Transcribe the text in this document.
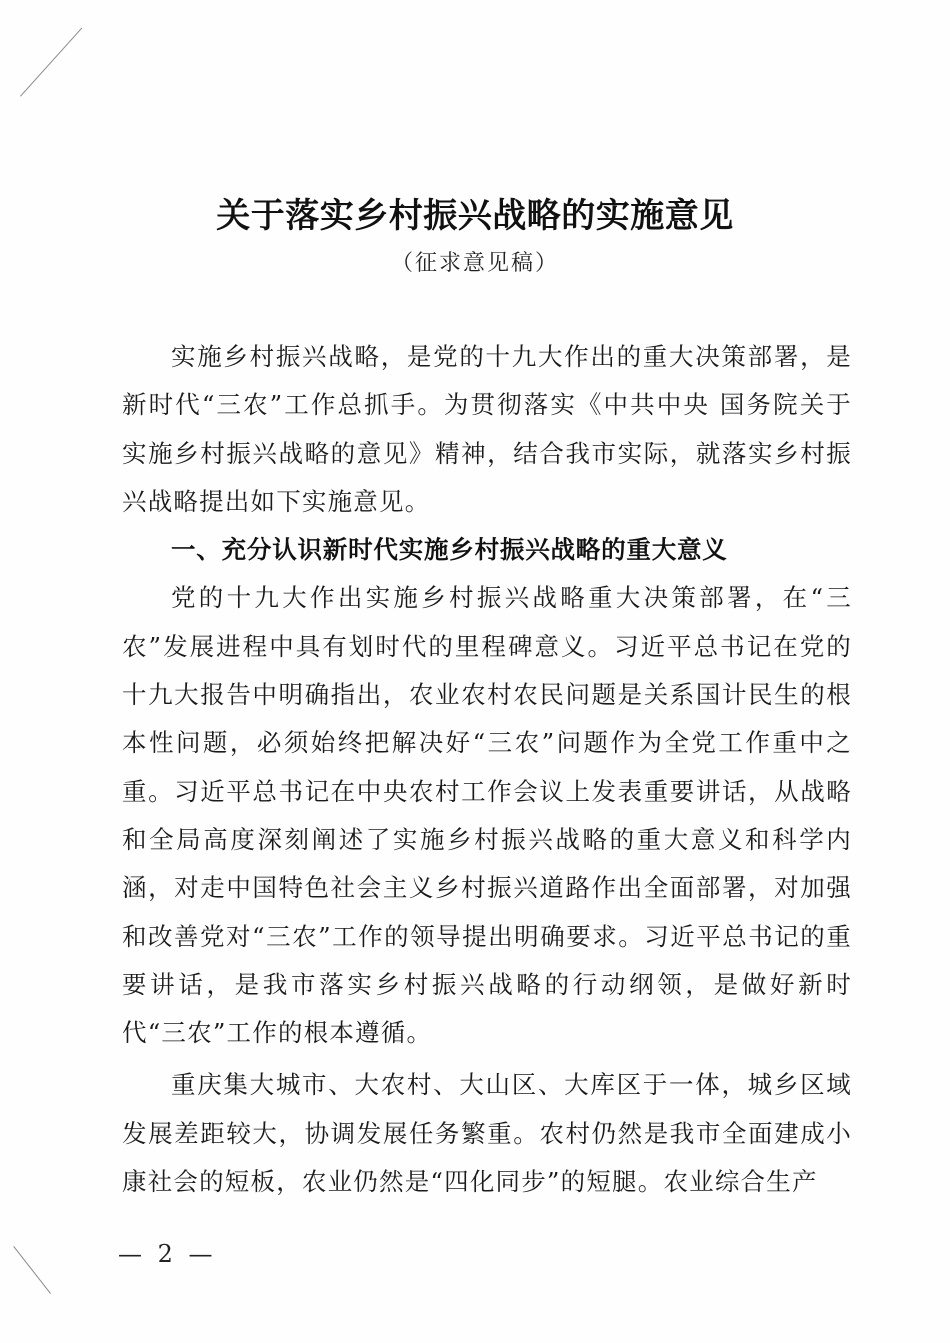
关于落实乡村振兴战略的实施意见
（征求意见稿）

实施乡村振兴战略，是党的十九大作出的重大决策部署，是新时代“三农”工作总抓手。为贯彻落实《中共中央 国务院关于实施乡村振兴战略的意见》精神，结合我市实际，就落实乡村振兴战略提出如下实施意见。

一、充分认识新时代实施乡村振兴战略的重大意义

党的十九大作出实施乡村振兴战略重大决策部署，在“三农”发展进程中具有划时代的里程碑意义。习近平总书记在党的十九大报告中明确指出，农业农村农民问题是关系国计民生的根本性问题，必须始终把解决好“三农”问题作为全党工作重中之重。习近平总书记在中央农村工作会议上发表重要讲话，从战略和全局高度深刻阐述了实施乡村振兴战略的重大意义和科学内涵，对走中国特色社会主义乡村振兴道路作出全面部署，对加强和改善党对“三农”工作的领导提出明确要求。习近平总书记的重要讲话，是我市落实乡村振兴战略的行动纲领，是做好新时代“三农”工作的根本遵循。

重庆集大城市、大农村、大山区、大库区于一体，城乡区域发展差距较大，协调发展任务繁重。农村仍然是我市全面建成小康社会的短板，农业仍然是“四化同步”的短腿。农业综合生产

— 2 —
